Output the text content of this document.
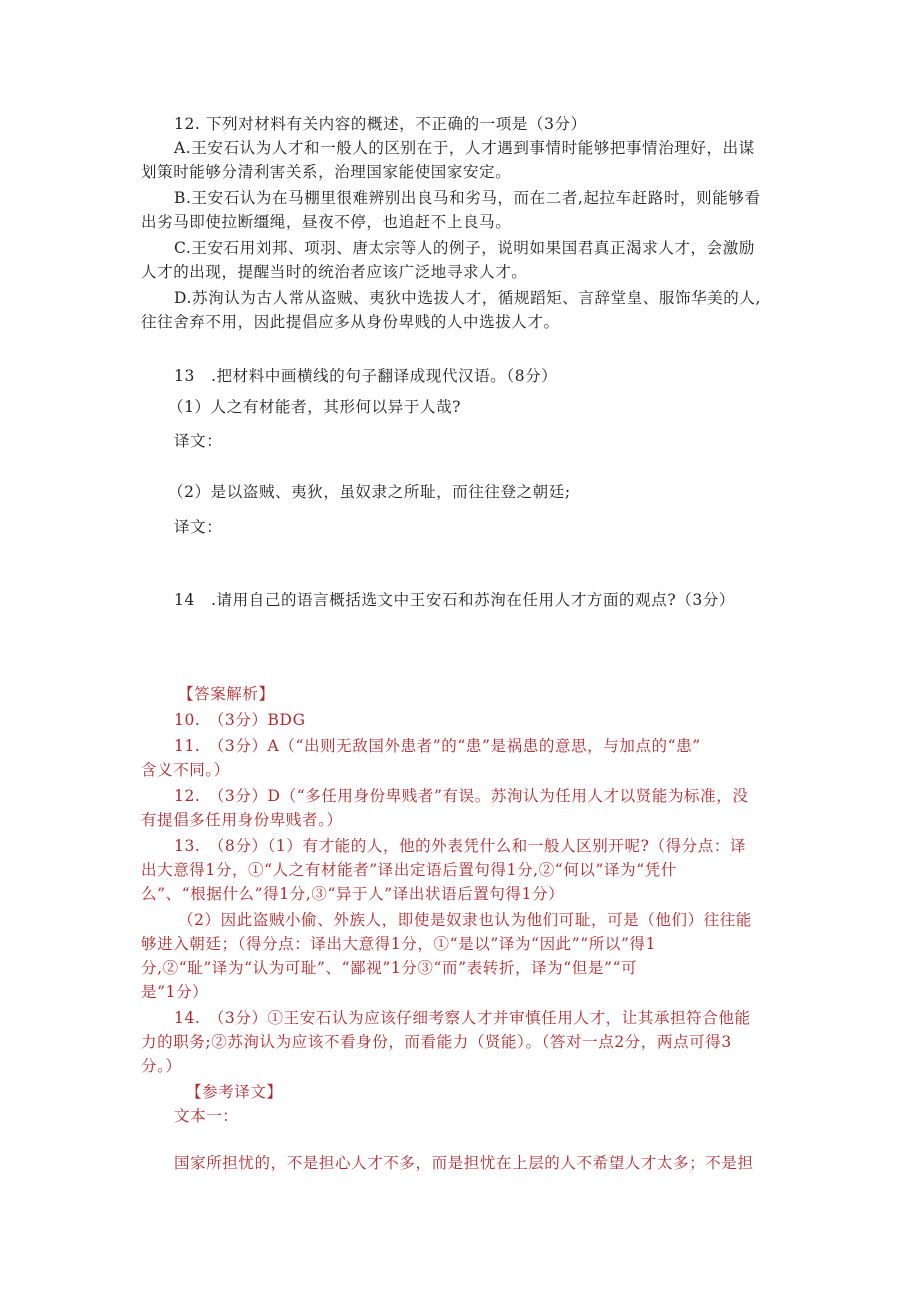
12. 下列对材料有关内容的概述，不正确的一项是（3分）
A.王安石认为人才和一般人的区别在于，人才遇到事情时能够把事情治理好，出谋
划策时能够分清利害关系，治理国家能使国家安定。
B.王安石认为在马棚里很难辨别出良马和劣马，而在二者,起拉车赶路时，则能够看
出劣马即使拉断缰绳，昼夜不停，也追赶不上良马。
C.王安石用刘邦、项羽、唐太宗等人的例子，说明如果国君真正渴求人才，会激励
人才的出现，提醒当时的统治者应该广泛地寻求人才。
D.苏洵认为古人常从盗贼、夷狄中选拔人才，循规蹈矩、言辞堂皇、服饰华美的人,
往往舍弃不用，因此提倡应多从身份卑贱的人中选拔人才。
13　.把材料中画横线的句子翻译成现代汉语。（8分）
（1）人之有材能者，其形何以异于人哉?
译文：
（2）是以盗贼、夷狄，虽奴隶之所耻，而往往登之朝廷;
译文：
14　.请用自己的语言概括选文中王安石和苏洵在任用人才方面的观点?（3分）
【答案解析】
10.　（3分）BDG
11.　（3分）A（“出则无敌国外患者”的“患”是祸患的意思，与加点的“患”
含义不同。）
12.　（3分）D（“多任用身份卑贱者”有误。苏洵认为任用人才以贤能为标准，没
有提倡多任用身份卑贱者。）
13.　（8分）（1）有才能的人，他的外表凭什么和一般人区别开呢?（得分点：译
出大意得1分，①“人之有材能者”译出定语后置句得1分,②“何以”译为“凭什
么”、“根据什么”得1分,③“异于人”译出状语后置句得1分）
（2）因此盗贼小偷、外族人，即使是奴隶也认为他们可耻，可是（他们）往往能
够进入朝廷；（得分点：译出大意得1分，①“是以”译为“因此”“所以”得1
分,②“耻”译为“认为可耻”、“鄙视”1分③“而”表转折，译为“但是”“可
是”1分）
14.　（3分）①王安石认为应该仔细考察人才并审慎任用人才，让其承担符合他能
力的职务;②苏洵认为应该不看身份，而看能力（贤能）。（答对一点2分，两点可得3
分。）
【参考译文】
文本一：
国家所担忧的，不是担心人才不多，而是担忧在上层的人不希望人才太多；不是担
